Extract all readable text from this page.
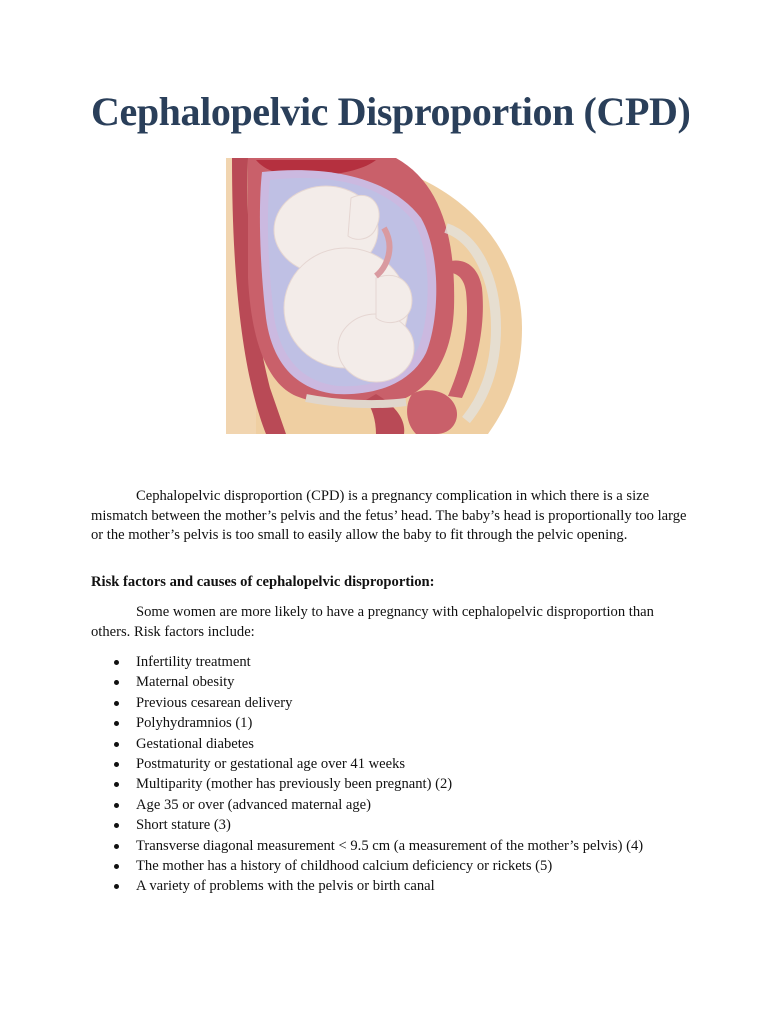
Cephalopelvic Disproportion (CPD)

Cephalopelvic disproportion (CPD) is a pregnancy complication in which there is a size mismatch between the mother’s pelvis and the fetus’ head. The baby’s head is proportionally too large or the mother’s pelvis is too small to easily allow the baby to fit through the pelvic opening.

Risk factors and causes of cephalopelvic disproportion:

Some women are more likely to have a pregnancy with cephalopelvic disproportion than others. Risk factors include:

Infertility treatment
Maternal obesity
Previous cesarean delivery
Polyhydramnios (1)
Gestational diabetes
Postmaturity or gestational age over 41 weeks
Multiparity (mother has previously been pregnant) (2)
Age 35 or over (advanced maternal age)
Short stature (3)
Transverse diagonal measurement < 9.5 cm (a measurement of the mother’s pelvis) (4)
The mother has a history of childhood calcium deficiency or rickets (5)
A variety of problems with the pelvis or birth canal
